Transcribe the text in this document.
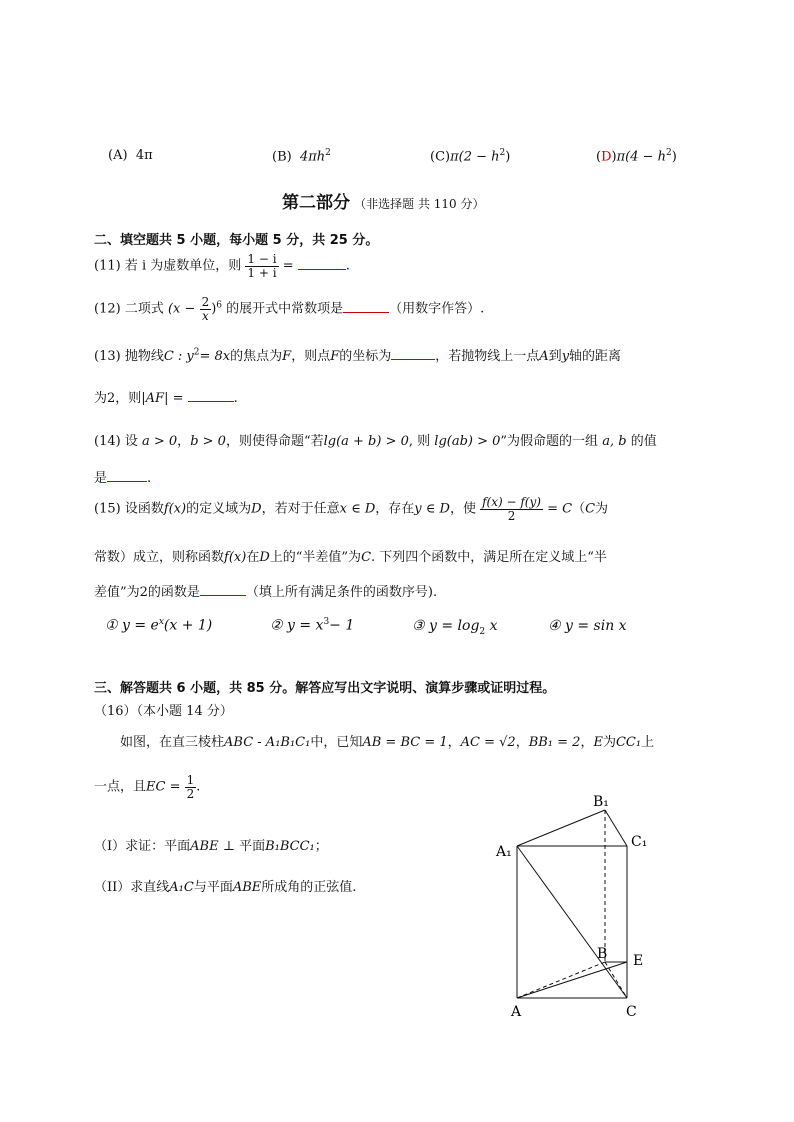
(A) 4π	(B) $4\pi h^2$	$(C)\pi(2 - h^2)$	$(D)\pi(4 - h^2)$
第二部分 （非选择题 共 110 分）
二、填空题共 5 小题，每小题 5 分，共 25 分。
(11) 若 i 为虚数单位，则 $\frac{1 - i}{1 + i}$ =	.
(12) 二项式 $(x - \frac{2}{x} )^6$ 的展开式中常数项是	（用数字作答）.
(13) 抛物线C : $y^2= 8x$的焦点为F，则点F的坐标为	，若抛物线上一点A到y轴的距离
为2，则|AF| =	.
(14) 设 a > 0，b > 0，则使得命题“若lg(a + b) > 0, 则 lg(ab) > 0”为假命题的一组 a, b 的值
是	.
(15) 设函数f(x)的定义域为D，若对于任意x ∈ D，存在y ∈ D，使 $\frac{f(x) - f(y)}{2} = C(C$为
常数）成立，则称函数f(x)在D上的“半差值”为C. 下列四个函数中，满足所在定义域上“半
差值”为2的函数是	（填上所有满足条件的函数序号).
① $y = e^x(x + 1)$	② $y = x^3- 1$	③ $y = \log_2 x$	④ y = sin x
三、解答题共 6 小题，共 85 分。解答应写出文字说明、演算步骤或证明过程。
（16）（本小题 14 分）
如图，在直三棱柱ABC - A₁B₁C₁中，已知AB = BC = 1，AC = √2，BB₁ = 2，E为CC₁上
一点，且EC = $\frac{1}{2}$ .
（I）求证：平面ABE ⊥ 平面B₁BCC₁；
（II）求直线A₁C与平面ABE所成角的正弦值.
B₁
C₁
A₁
B E
A	C
